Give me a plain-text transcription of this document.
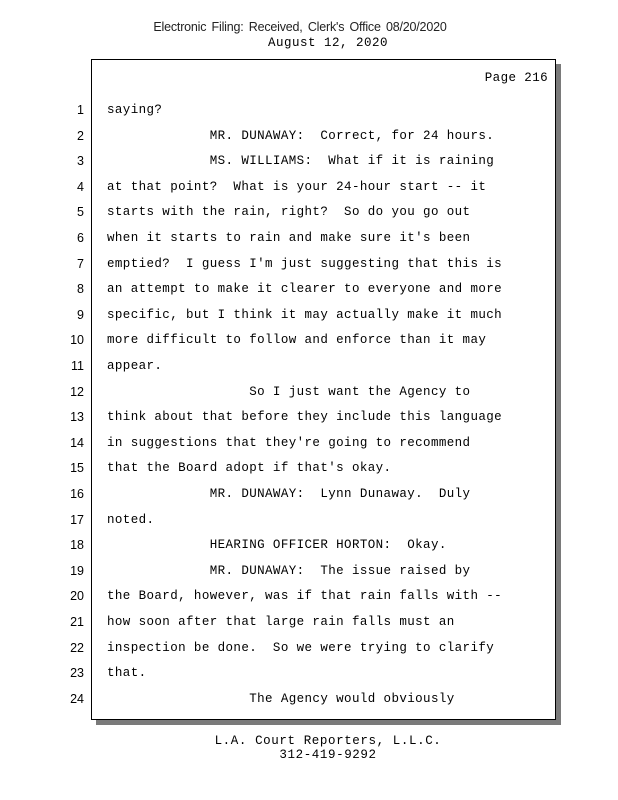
Electronic Filing: Received, Clerk's Office 08/20/2020
August 12, 2020
Page 216
1 saying?
2 MR. DUNAWAY:  Correct, for 24 hours.
3 MS. WILLIAMS:  What if it is raining
4 at that point?  What is your 24-hour start -- it
5 starts with the rain, right?  So do you go out
6 when it starts to rain and make sure it's been
7 emptied?  I guess I'm just suggesting that this is
8 an attempt to make it clearer to everyone and more
9 specific, but I think it may actually make it much
10 more difficult to follow and enforce than it may
11 appear.
12 So I just want the Agency to
13 think about that before they include this language
14 in suggestions that they're going to recommend
15 that the Board adopt if that's okay.
16 MR. DUNAWAY:  Lynn Dunaway.  Duly
17 noted.
18 HEARING OFFICER HORTON:  Okay.
19 MR. DUNAWAY:  The issue raised by
20 the Board, however, was if that rain falls with --
21 how soon after that large rain falls must an
22 inspection be done.  So we were trying to clarify
23 that.
24 The Agency would obviously
L.A. Court Reporters, L.L.C.
312-419-9292
